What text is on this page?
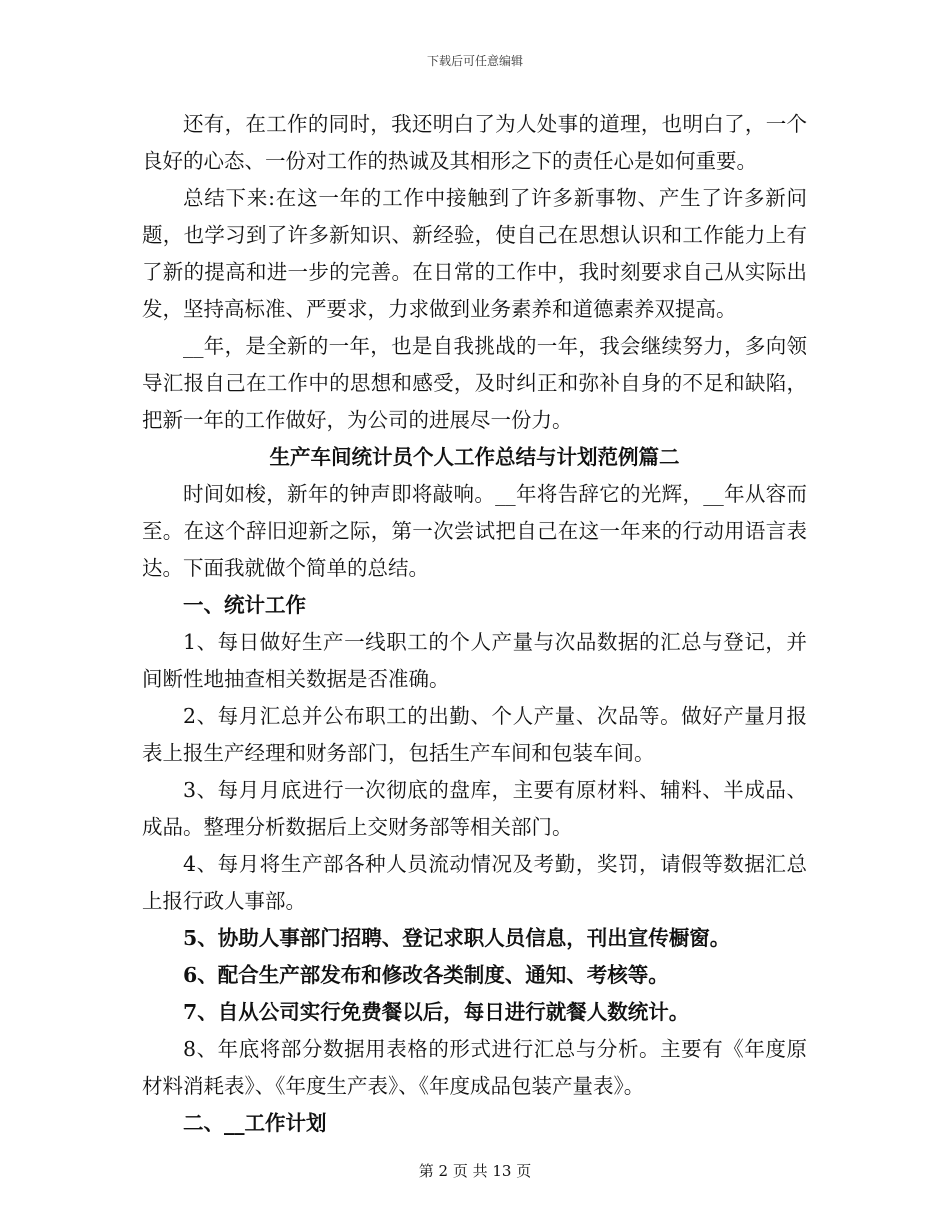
下载后可任意编辑

还有，在工作的同时，我还明白了为人处事的道理，也明白了，一个良好的心态、一份对工作的热诚及其相形之下的责任心是如何重要。

总结下来:在这一年的工作中接触到了许多新事物、产生了许多新问题，也学习到了许多新知识、新经验，使自己在思想认识和工作能力上有了新的提高和进一步的完善。在日常的工作中，我时刻要求自己从实际出发，坚持高标准、严要求，力求做到业务素养和道德素养双提高。

__年，是全新的一年，也是自我挑战的一年，我会继续努力，多向领导汇报自己在工作中的思想和感受，及时纠正和弥补自身的不足和缺陷，把新一年的工作做好，为公司的进展尽一份力。

生产车间统计员个人工作总结与计划范例篇二

时间如梭，新年的钟声即将敲响。__年将告辞它的光辉，__年从容而至。在这个辞旧迎新之际，第一次尝试把自己在这一年来的行动用语言表达。下面我就做个简单的总结。

一、统计工作

1、每日做好生产一线职工的个人产量与次品数据的汇总与登记，并间断性地抽查相关数据是否准确。

2、每月汇总并公布职工的出勤、个人产量、次品等。做好产量月报表上报生产经理和财务部门，包括生产车间和包装车间。

3、每月月底进行一次彻底的盘库，主要有原材料、辅料、半成品、成品。整理分析数据后上交财务部等相关部门。

4、每月将生产部各种人员流动情况及考勤，奖罚，请假等数据汇总上报行政人事部。

5、协助人事部门招聘、登记求职人员信息，刊出宣传橱窗。

6、配合生产部发布和修改各类制度、通知、考核等。

7、自从公司实行免费餐以后，每日进行就餐人数统计。

8、年底将部分数据用表格的形式进行汇总与分析。主要有《年度原材料消耗表》、《年度生产表》、《年度成品包装产量表》。

二、__工作计划

第 2 页 共 13 页
